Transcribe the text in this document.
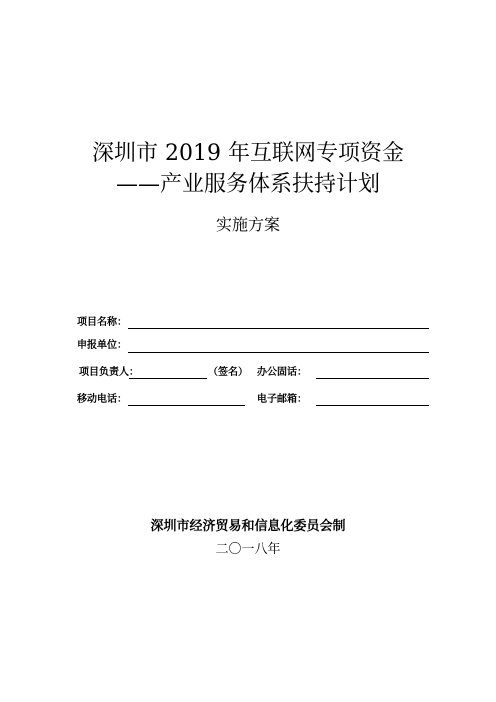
深圳市 2019 年互联网专项资金
——产业服务体系扶持计划
实施方案
项目名称：
申报单位：
项目负责人：	（签名） 办公固话：
移动电话：	电子邮箱：
深圳市经济贸易和信息化委员会制
二〇一八年
